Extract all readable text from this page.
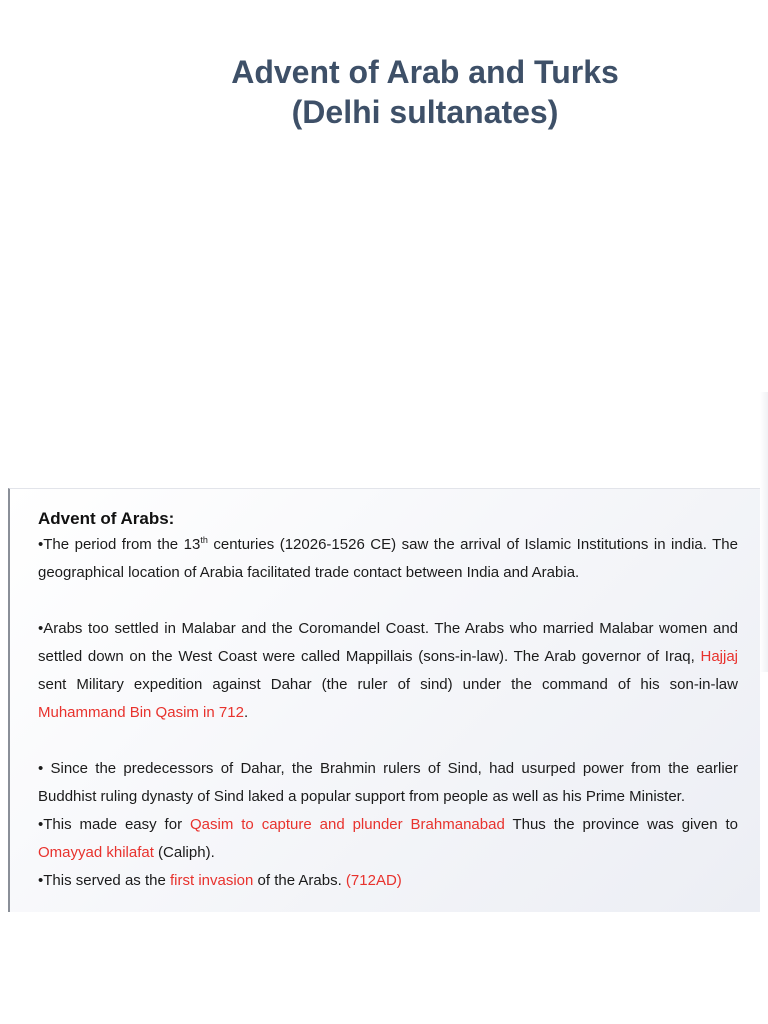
Advent of Arab and Turks
(Delhi sultanates)
Advent of Arabs:

•The period from the 13th centuries (12026-1526 CE) saw the arrival of Islamic Institutions in india. The geographical location of Arabia facilitated trade contact between India and Arabia.

•Arabs too settled in Malabar and the Coromandel Coast. The Arabs who married Malabar women and settled down on the West Coast were called Mappillais (sons-in-law). The Arab governor of Iraq, Hajjaj sent Military expedition against Dahar (the ruler of sind) under the command of his son-in-law Muhammand Bin Qasim in 712.

• Since the predecessors of Dahar, the Brahmin rulers of Sind, had usurped power from the earlier Buddhist ruling dynasty of Sind laked a popular support from people as well as his Prime Minister.

•This made easy for Qasim to capture and plunder Brahmanabad Thus the province was given to Omayyad khilafat (Caliph).

•This served as the first invasion of the Arabs. (712AD)
